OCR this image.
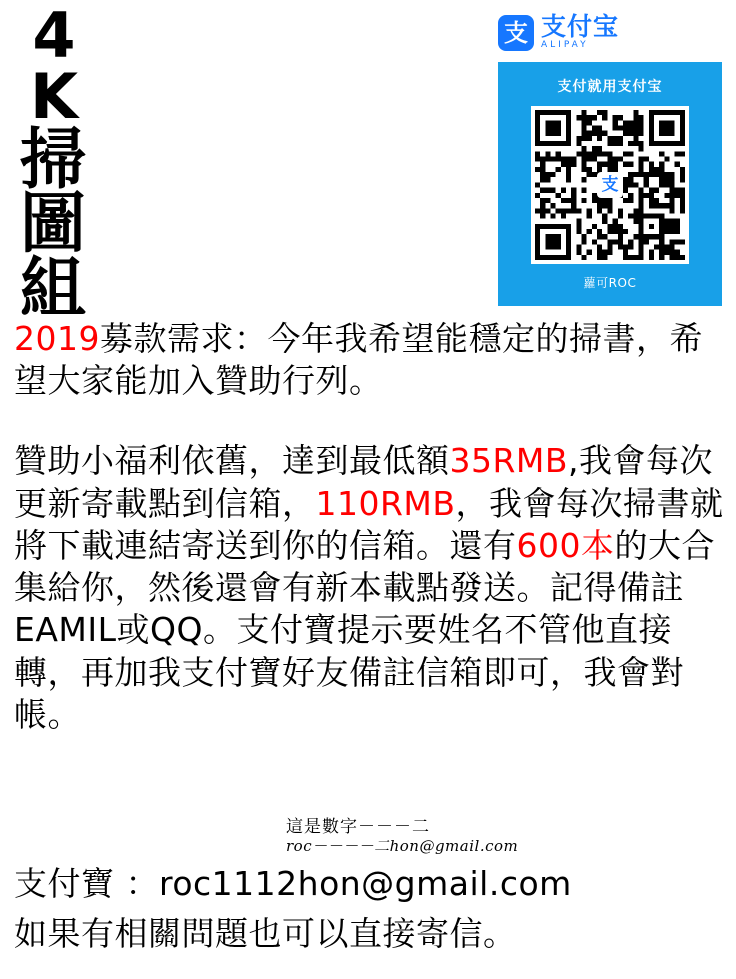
4
K
掃
圖
組
支 支付宝
ALIPAY
支付就用支付宝
支
蘿可ROC

2019募款需求：今年我希望能穩定的掃書，希望大家能加入贊助行列。

贊助小福利依舊，達到最低額35RMB,我會每次更新寄載點到信箱，110RMB，我會每次掃書就將下載連結寄送到你的信箱。還有600本的大合集給你，然後還會有新本載點發送。記得備註EAMIL或QQ。支付寶提示要姓名不管他直接轉，再加我支付寶好友備註信箱即可，我會對帳。

這是數字－－－二
roc－－－－二hon@gmail.com
支付寶 ：roc1112hon@gmail.com
如果有相關問題也可以直接寄信。
